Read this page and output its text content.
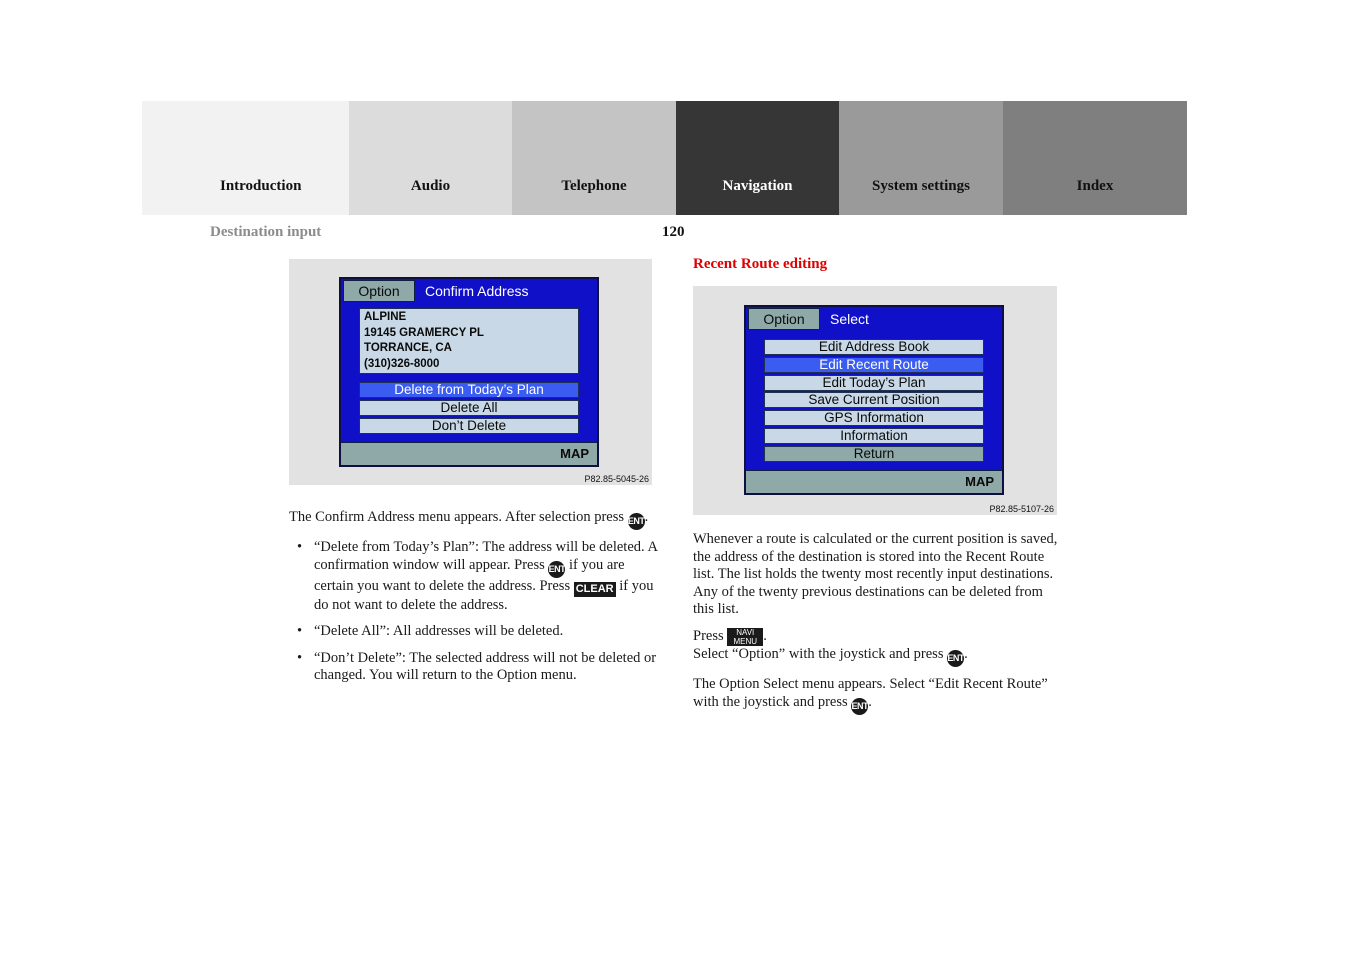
Introduction	Audio	Telephone	Navigation	System settings	Index
Destination input	120
Option	Confirm Address
ALPINE
19145 GRAMERCY PL
TORRANCE, CA
(310)326-8000
Delete from Today’s Plan
Delete All
Don’t Delete
MAP
P82.85-5045-26
Recent Route editing
Option	Select
Edit Address Book
Edit Recent Route
Edit Today’s Plan
Save Current Position
GPS Information
Information
Return
MAP
P82.85-5107-26

The Confirm Address menu appears. After selection press ENT.

• “Delete from Today’s Plan”: The address will be deleted. A confirmation window will appear. Press ENT if you are certain you want to delete the address. Press CLEAR if you do not want to delete the address.
• “Delete All”: All addresses will be deleted.
• “Don’t Delete”: The selected address will not be deleted or changed. You will return to the Option menu.

Whenever a route is calculated or the current position is saved, the address of the destination is stored into the Recent Route list. The list holds the twenty most recently input destinations. Any of the twenty previous destinations can be deleted from this list.

Press	NAVI
MENU .
Select “Option” with the joystick and press ENT.

The Option Select menu appears. Select “Edit Recent Route” with the joystick and press ENT.
